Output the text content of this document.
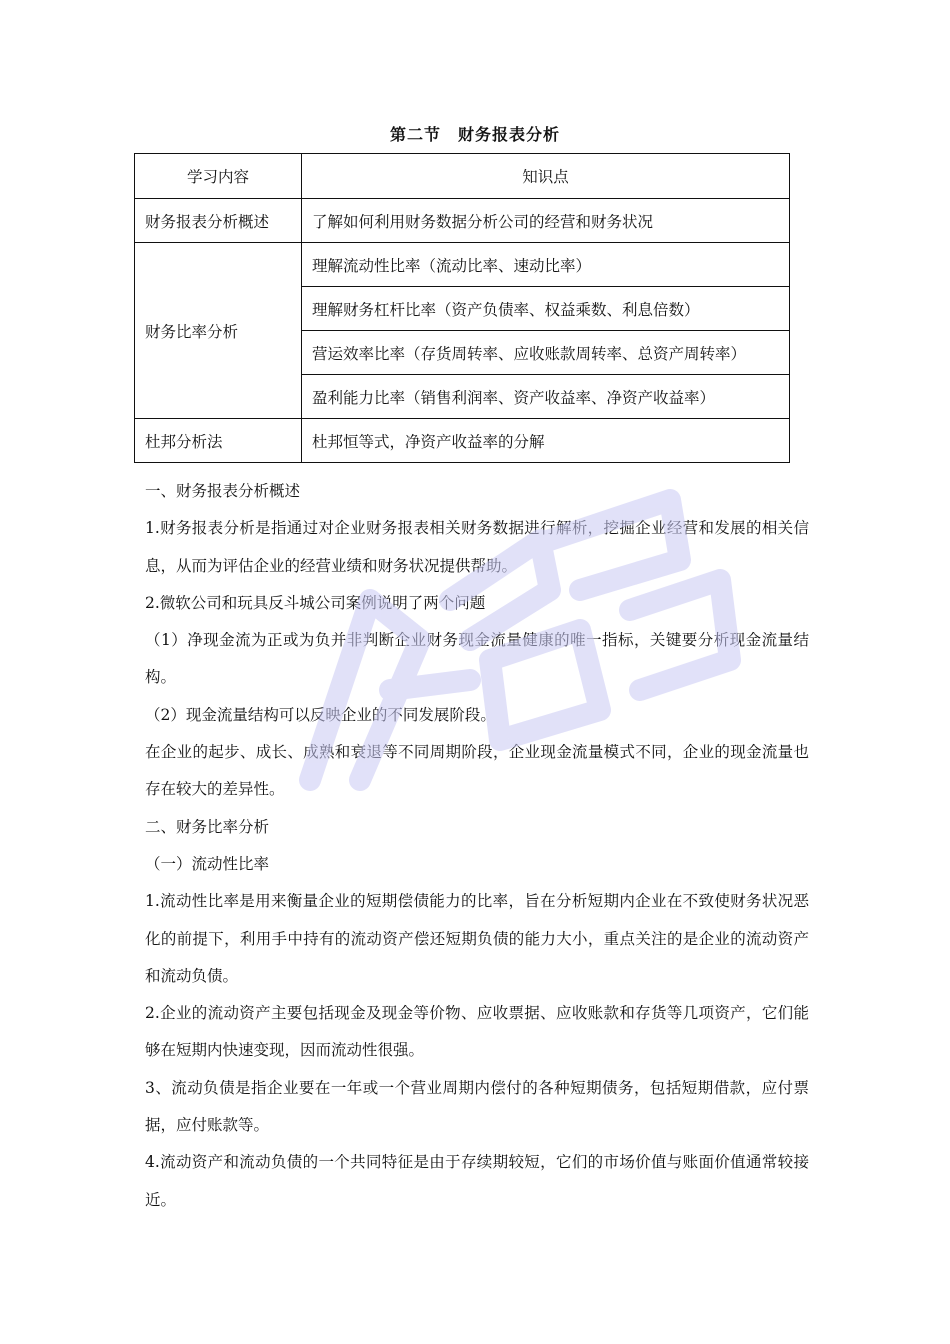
第二节　财务报表分析
学习内容	知识点
财务报表分析概述	了解如何利用财务数据分析公司的经营和财务状况
财务比率分析	理解流动性比率（流动比率、速动比率）
	理解财务杠杆比率（资产负债率、权益乘数、利息倍数）
	营运效率比率（存货周转率、应收账款周转率、总资产周转率）
	盈利能力比率（销售利润率、资产收益率、净资产收益率）
杜邦分析法	杜邦恒等式，净资产收益率的分解

一、财务报表分析概述

1.财务报表分析是指通过对企业财务报表相关财务数据进行解析，挖掘企业经营和发展的相关信息，从而为评估企业的经营业绩和财务状况提供帮助。

2.微软公司和玩具反斗城公司案例说明了两个问题

（1）净现金流为正或为负并非判断企业财务现金流量健康的唯一指标，关键要分析现金流量结构。

（2）现金流量结构可以反映企业的不同发展阶段。

在企业的起步、成长、成熟和衰退等不同周期阶段，企业现金流量模式不同，企业的现金流量也存在较大的差异性。

二、财务比率分析

（一）流动性比率

1.流动性比率是用来衡量企业的短期偿债能力的比率，旨在分析短期内企业在不致使财务状况恶化的前提下，利用手中持有的流动资产偿还短期负债的能力大小，重点关注的是企业的流动资产和流动负债。

2.企业的流动资产主要包括现金及现金等价物、应收票据、应收账款和存货等几项资产，它们能够在短期内快速变现，因而流动性很强。

3、流动负债是指企业要在一年或一个营业周期内偿付的各种短期债务，包括短期借款，应付票据，应付账款等。

4.流动资产和流动负债的一个共同特征是由于存续期较短，它们的市场价值与账面价值通常较接近。
